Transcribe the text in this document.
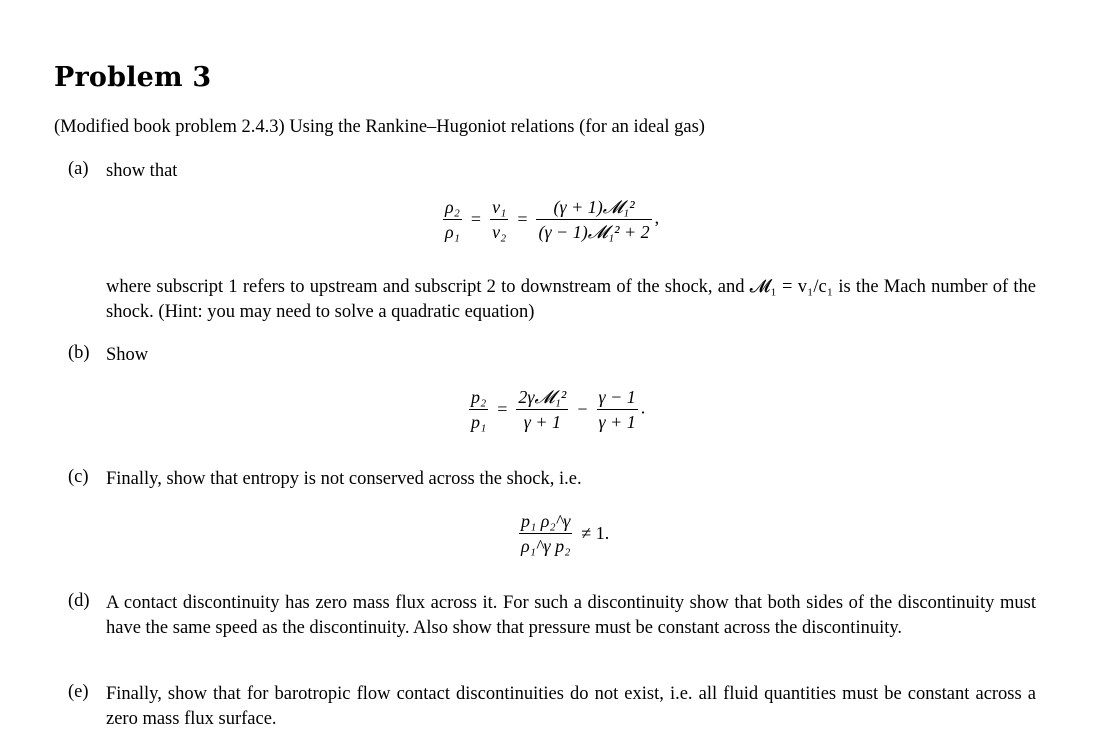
Problem 3
(Modified book problem 2.4.3) Using the Rankine–Hugoniot relations (for an ideal gas)
(a) show that
$\frac{\text{ρ₂}}{\text{ρ₁}} = \frac{\text{v₁}}{\text{v₂}} = \frac{\text{(γ + 1)𝓜₁²}}{\text{(γ − 1)𝓜₁² + 2}}$ ,
where subscript 1 refers to upstream and subscript 2 to downstream of the shock, and 𝓜₁ = v₁/c₁ is the Mach number of the shock. (Hint: you may need to solve a quadratic equation)
(b) Show
$\frac{\text{p₂}}{\text{p₁}} = \frac{\text{2γ𝓜₁²}}{\gamma + 1} - \frac{\gamma - 1}{\gamma + 1}$ .
(c) Finally, show that entropy is not conserved across the shock, i.e.
$\frac{\text{p₁ ρ₂\textasciicircum{}γ}}{\text{ρ₁\textasciicircum{}γ p₂}} \ne 1$.
(d) A contact discontinuity has zero mass flux across it. For such a discontinuity show that both sides of the discontinuity must have the same speed as the discontinuity. Also show that pressure must be constant across the discontinuity.
(e) Finally, show that for barotropic flow contact discontinuities do not exist, i.e. all fluid quantities must be constant across a zero mass flux surface.
